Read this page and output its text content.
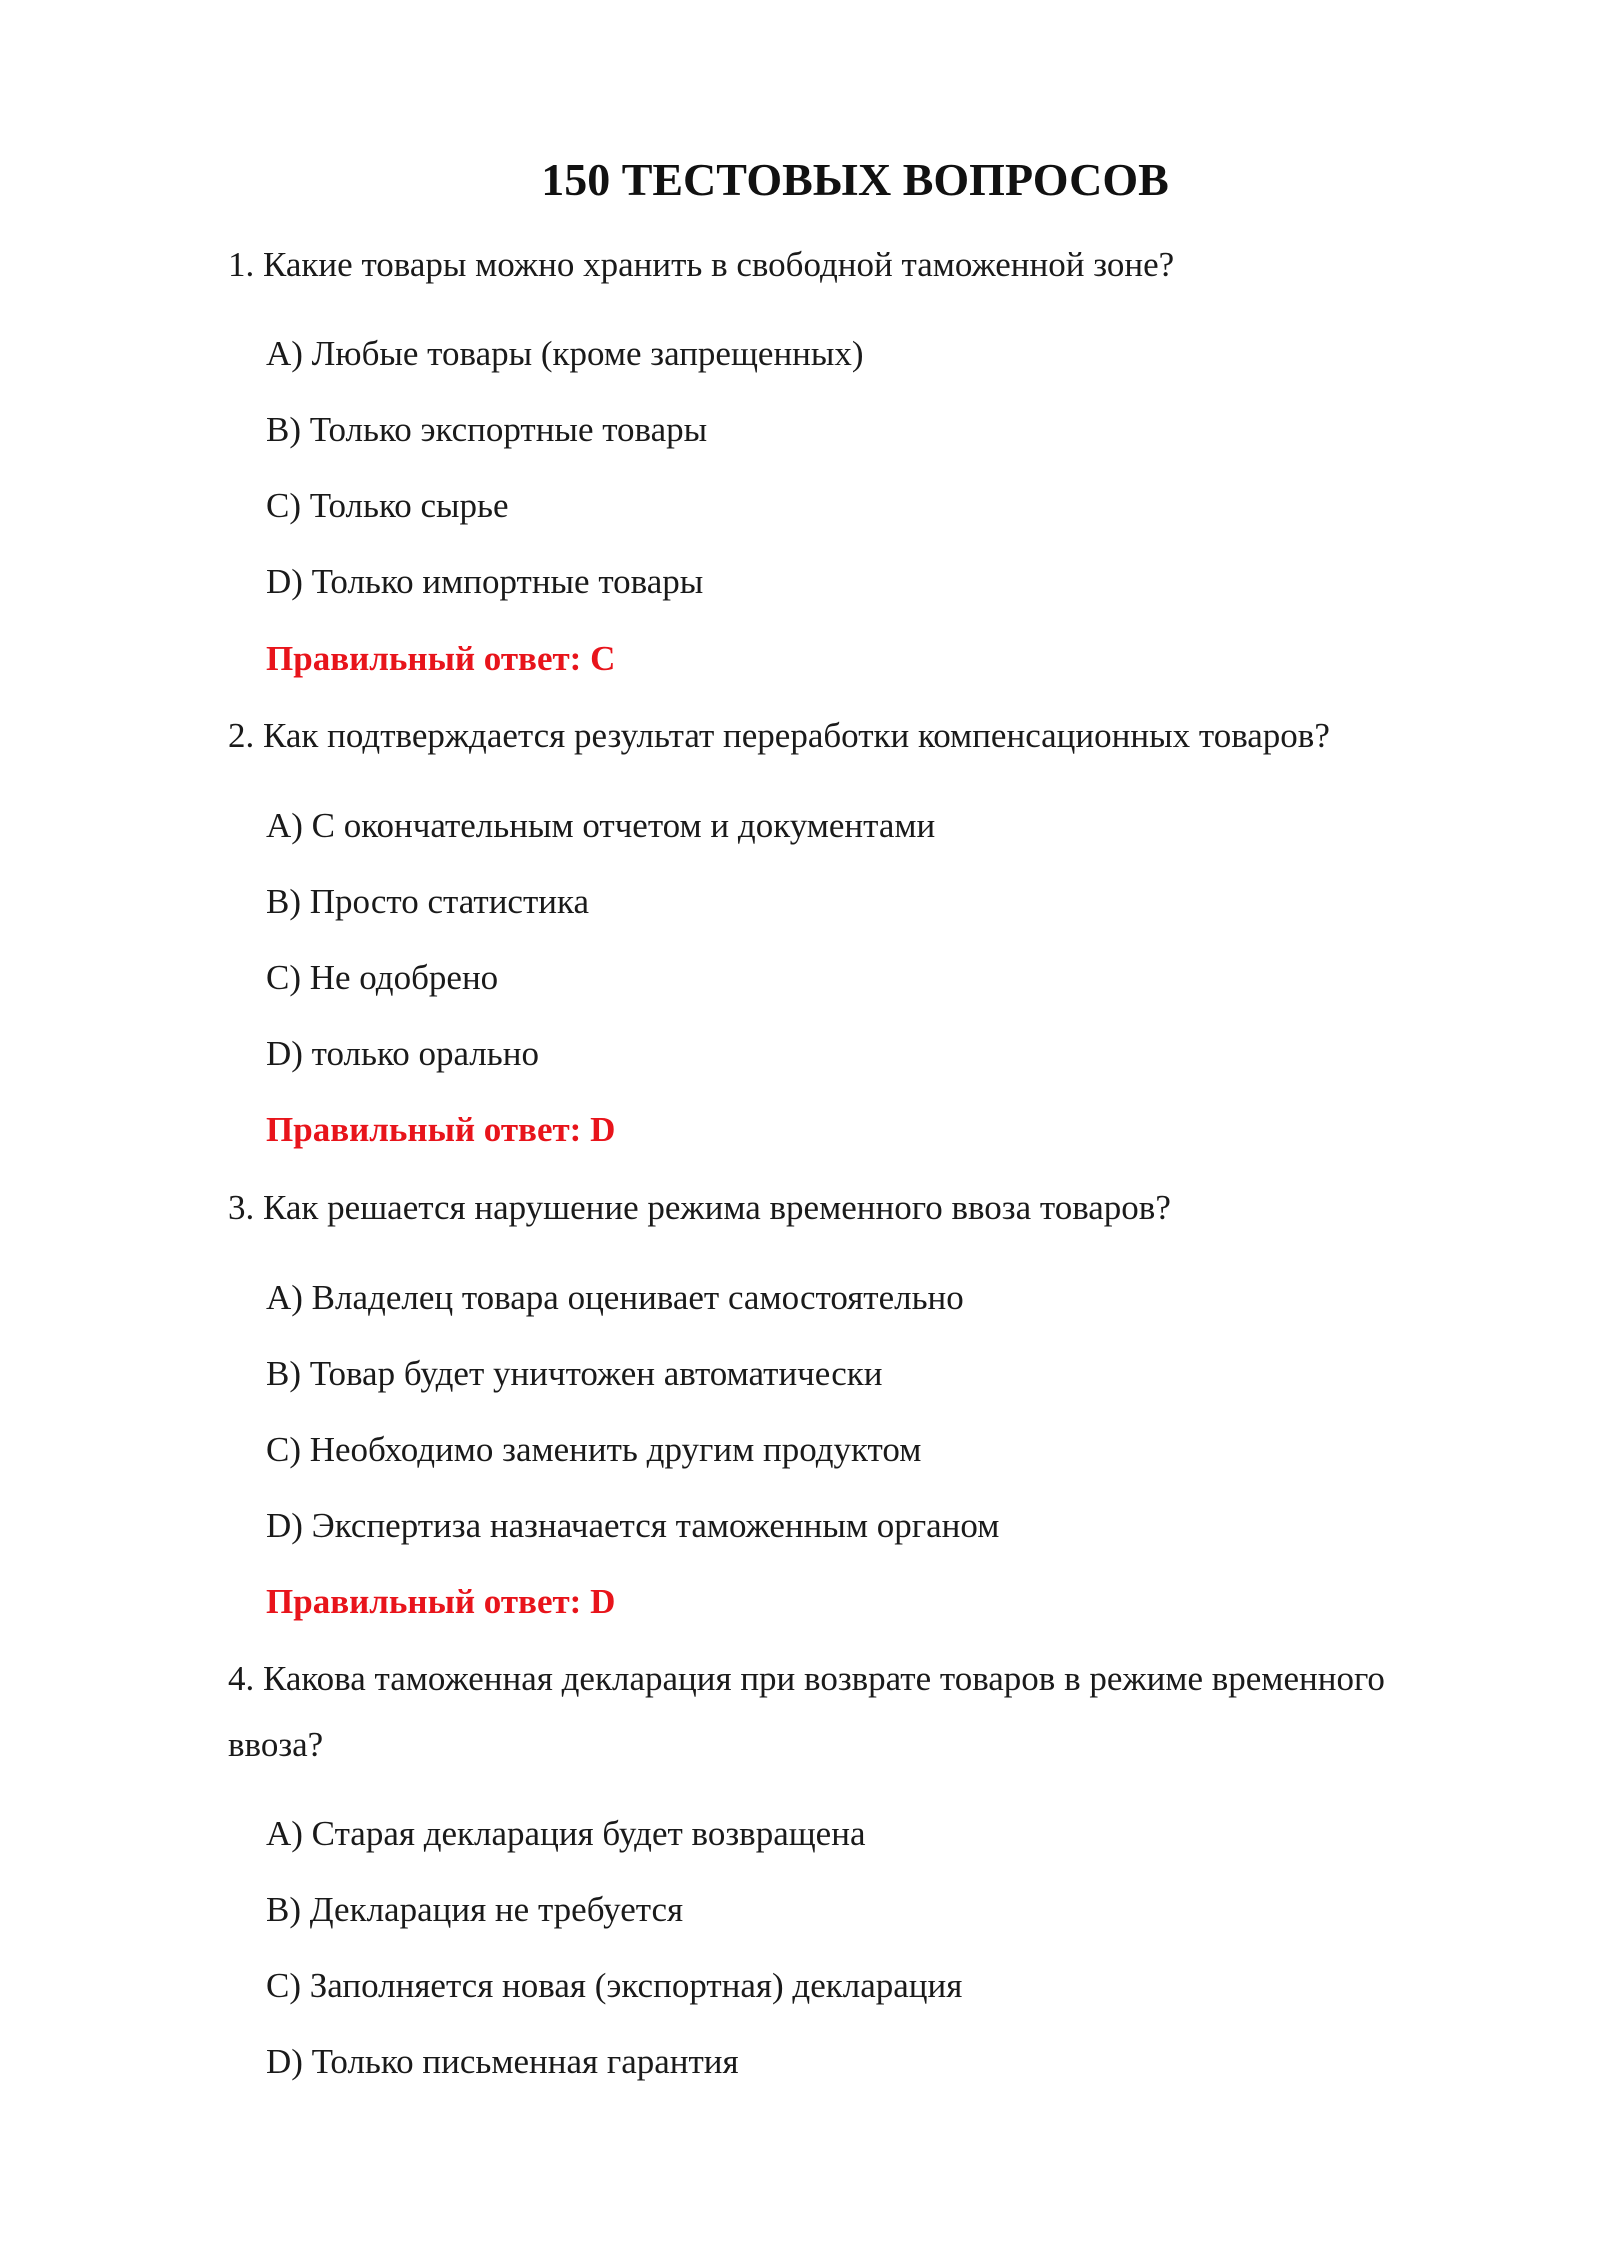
150 ТЕСТОВЫХ ВОПРОСОВ
1. Какие товары можно хранить в свободной таможенной зоне?
A) Любые товары (кроме запрещенных)
B) Только экспортные товары
C) Только сырье
D) Только импортные товары
Правильный ответ: C
2. Как подтверждается результат переработки компенсационных товаров?
A) С окончательным отчетом и документами
B) Просто статистика
C) Не одобрено
D) только орально
Правильный ответ: D
3. Как решается нарушение режима временного ввоза товаров?
A) Владелец товара оценивает самостоятельно
B) Товар будет уничтожен автоматически
C) Необходимо заменить другим продуктом
D) Экспертиза назначается таможенным органом
Правильный ответ: D
4. Какова таможенная декларация при возврате товаров в режиме временного ввоза?
A) Старая декларация будет возвращена
B) Декларация не требуется
C) Заполняется новая (экспортная) декларация
D) Только письменная гарантия
